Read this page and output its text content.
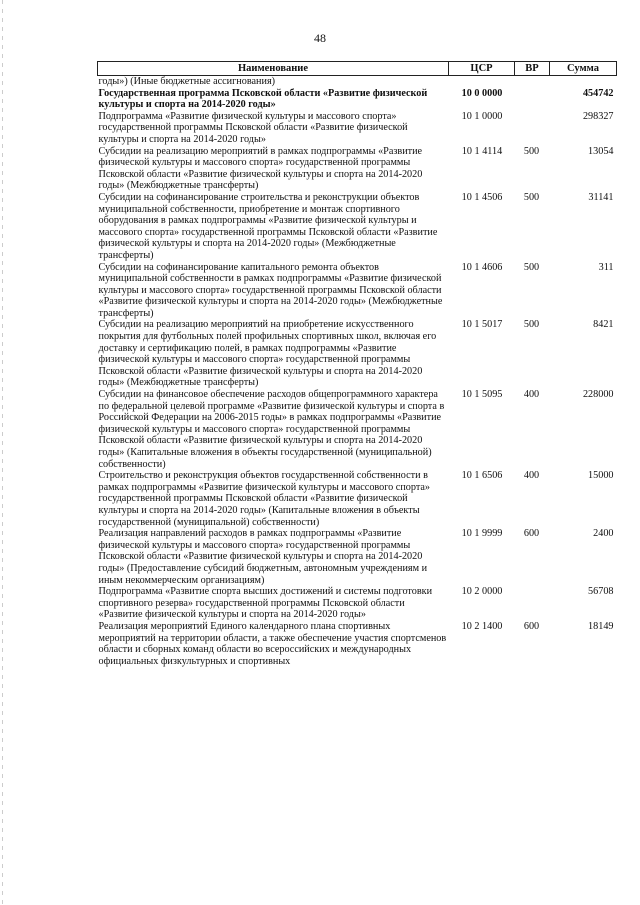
48
Наименование	ЦСР	ВР	Сумма
годы») (Иные бюджетные ассигнования)			
Государственная программа Псковской области «Развитие физической культуры и спорта на 2014-2020 годы»	10 0 0000		454742
Подпрограмма «Развитие физической культуры и массового спорта» государственной программы Псковской области «Развитие физической культуры и спорта на 2014-2020 годы»	10 1 0000		298327
Субсидии на реализацию мероприятий в рамках подпрограммы «Развитие физической культуры и массового спорта» государственной программы Псковской области «Развитие физической культуры и спорта на 2014-2020 годы» (Межбюджетные трансферты)	10 1 4114	500	13054
Субсидии на софинансирование строительства и реконструкции объектов муниципальной собственности, приобретение и монтаж спортивного оборудования в рамках подпрограммы «Развитие физической культуры и массового спорта» государственной программы Псковской области «Развитие физической культуры и спорта на 2014-2020 годы» (Межбюджетные трансферты)	10 1 4506	500	31141
Субсидии на софинансирование капитального ремонта объектов муниципальной собственности в рамках подпрограммы «Развитие физической культуры и массового спорта» государственной программы Псковской области «Развитие физической культуры и спорта на 2014-2020 годы» (Межбюджетные трансферты)	10 1 4606	500	311
Субсидии на реализацию мероприятий на приобретение искусственного покрытия для футбольных полей профильных спортивных школ, включая его доставку и сертификацию полей, в рамках подпрограммы «Развитие физической культуры и массового спорта» государственной программы Псковской области «Развитие физической культуры и спорта на 2014-2020 годы» (Межбюджетные трансферты)	10 1 5017	500	8421
Субсидии на финансовое обеспечение расходов общепрограммного характера по федеральной целевой программе «Развитие физической культуры и спорта в Российской Федерации на 2006-2015 годы» в рамках подпрограммы «Развитие физической культуры и массового спорта» государственной программы Псковской области «Развитие физической культуры и спорта на 2014-2020 годы» (Капитальные вложения в объекты государственной (муниципальной) собственности)	10 1 5095	400	228000
Строительство и реконструкция объектов государственной собственности в рамках подпрограммы «Развитие физической культуры и массового спорта» государственной программы Псковской области «Развитие физической культуры и спорта на 2014-2020 годы» (Капитальные вложения в объекты государственной (муниципальной) собственности)	10 1 6506	400	15000
Реализация направлений расходов в рамках подпрограммы «Развитие физической культуры и массового спорта» государственной программы Псковской области «Развитие физической культуры и спорта на 2014-2020 годы» (Предоставление субсидий бюджетным, автономным учреждениям и иным некоммерческим организациям)	10 1 9999	600	2400
Подпрограмма «Развитие спорта высших достижений и системы подготовки спортивного резерва» государственной программы Псковской области «Развитие физической культуры и спорта на 2014-2020 годы»	10 2 0000		56708
Реализация мероприятий Единого календарного плана спортивных мероприятий на территории области, а также обеспечение участия спортсменов области и сборных команд области во всероссийских и международных официальных физкультурных и спортивных	10 2 1400	600	18149
